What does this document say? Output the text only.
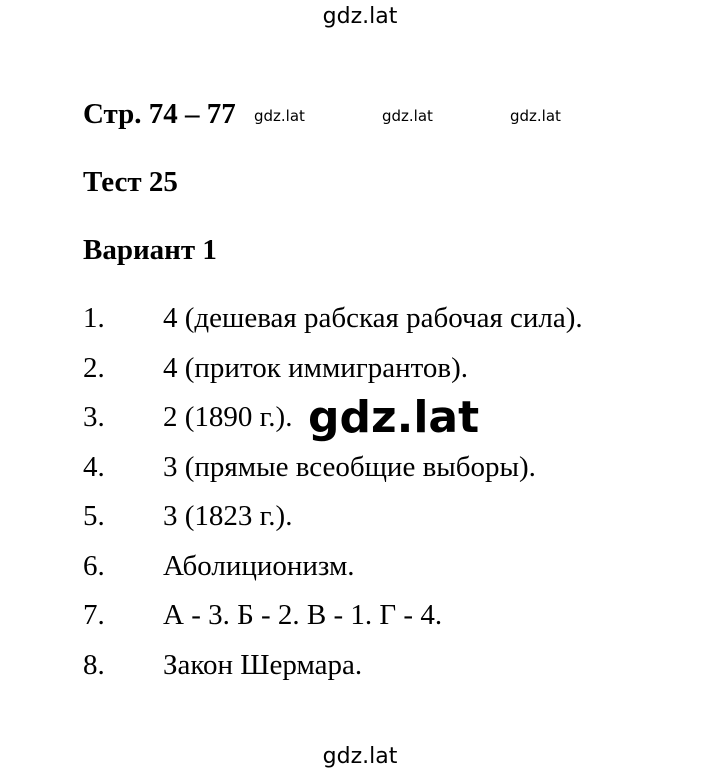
gdz.lat
Стр. 74 – 77 gdz.lat	gdz.lat	gdz.lat
Тест 25
Вариант 1
1. 4 (дешевая рабская рабочая сила).
2. 4 (приток иммигрантов).
3. 2 (1890 г.).
4. 3 (прямые всеобщие выборы).
5. 3 (1823 г.).
6. Аболиционизм.
7. А - 3. Б - 2. В - 1. Г - 4.
8. Закон Шермара.
gdz.lat
gdz.lat
